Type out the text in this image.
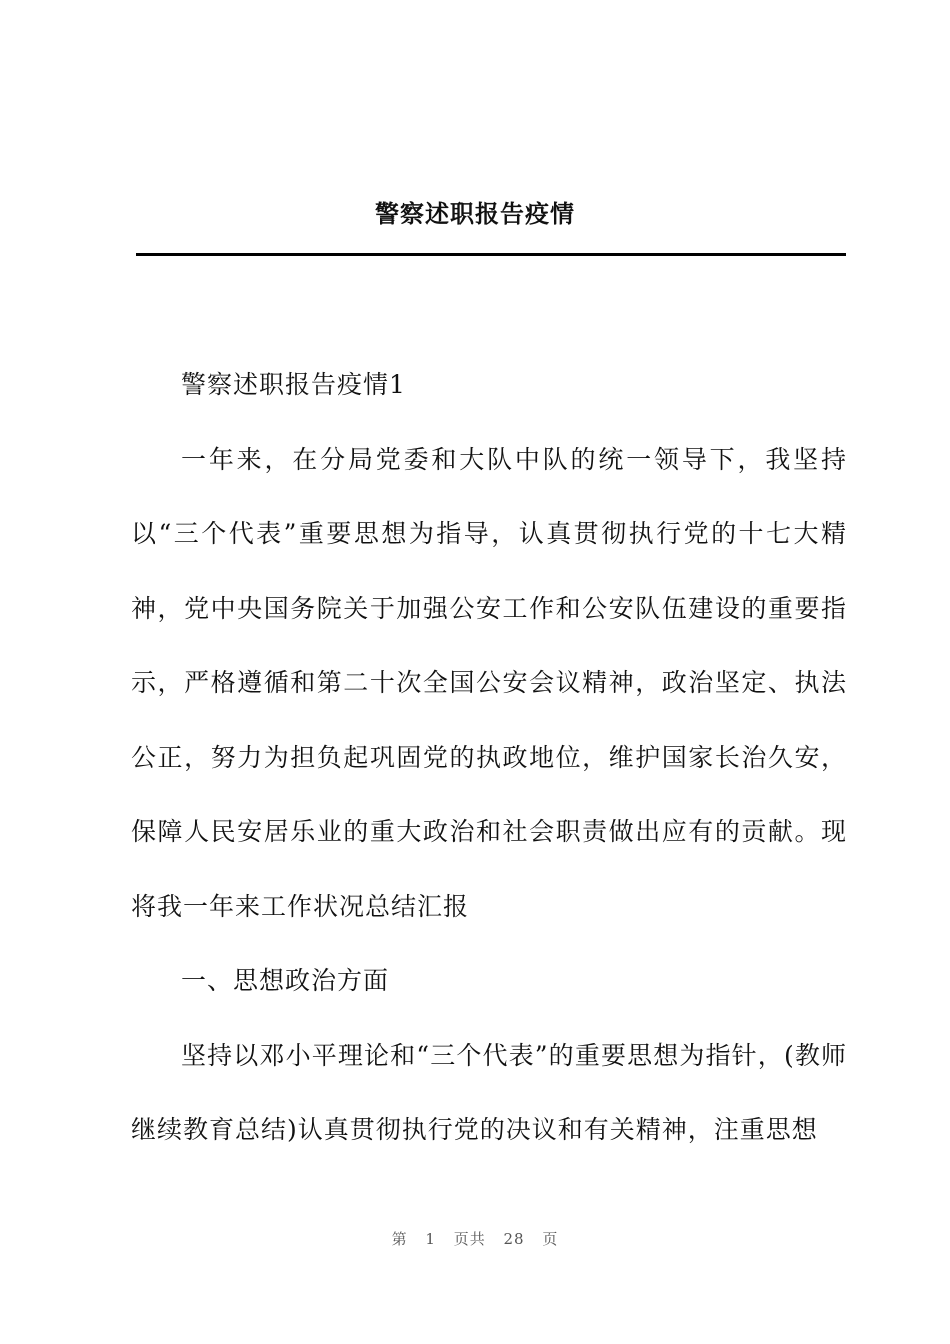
警察述职报告疫情

警察述职报告疫情1

一年来，在分局党委和大队中队的统一领导下，我坚持以“三个代表”重要思想为指导，认真贯彻执行党的十七大精神，党中央国务院关于加强公安工作和公安队伍建设的重要指示，严格遵循和第二十次全国公安会议精神，政治坚定、执法公正，努力为担负起巩固党的执政地位，维护国家长治久安，保障人民安居乐业的重大政治和社会职责做出应有的贡献。现将我一年来工作状况总结汇报

一、思想政治方面

坚持以邓小平理论和“三个代表”的重要思想为指针，(教师继续教育总结)认真贯彻执行党的决议和有关精神，注重思想

第 1 页共 28 页
